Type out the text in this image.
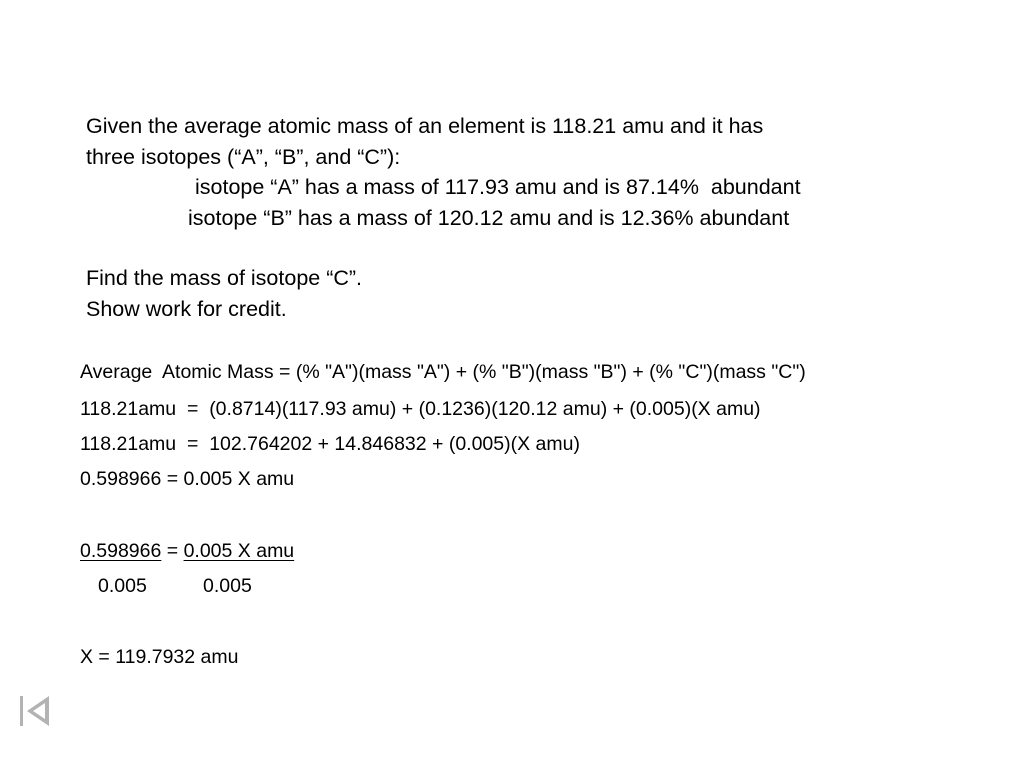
Given the average atomic mass of an element is 118.21 amu and it has
three isotopes (“A”, “B”, and “C”):
isotope “A” has a mass of 117.93 amu and is 87.14%  abundant
isotope “B” has a mass of 120.12 amu and is 12.36% abundant
Find the mass of isotope “C”.
Show work for credit.
Average  Atomic Mass = (% "A")(mass "A") + (% "B")(mass "B") + (% "C")(mass "C")
118.21amu  =  (0.8714)(117.93 amu) + (0.1236)(120.12 amu) + (0.005)(X amu)
118.21amu  =  102.764202 + 14.846832 + (0.005)(X amu)
0.598966 = 0.005 X amu
0.598966 = 0.005 X amu
0.005	0.005
X = 119.7932 amu
